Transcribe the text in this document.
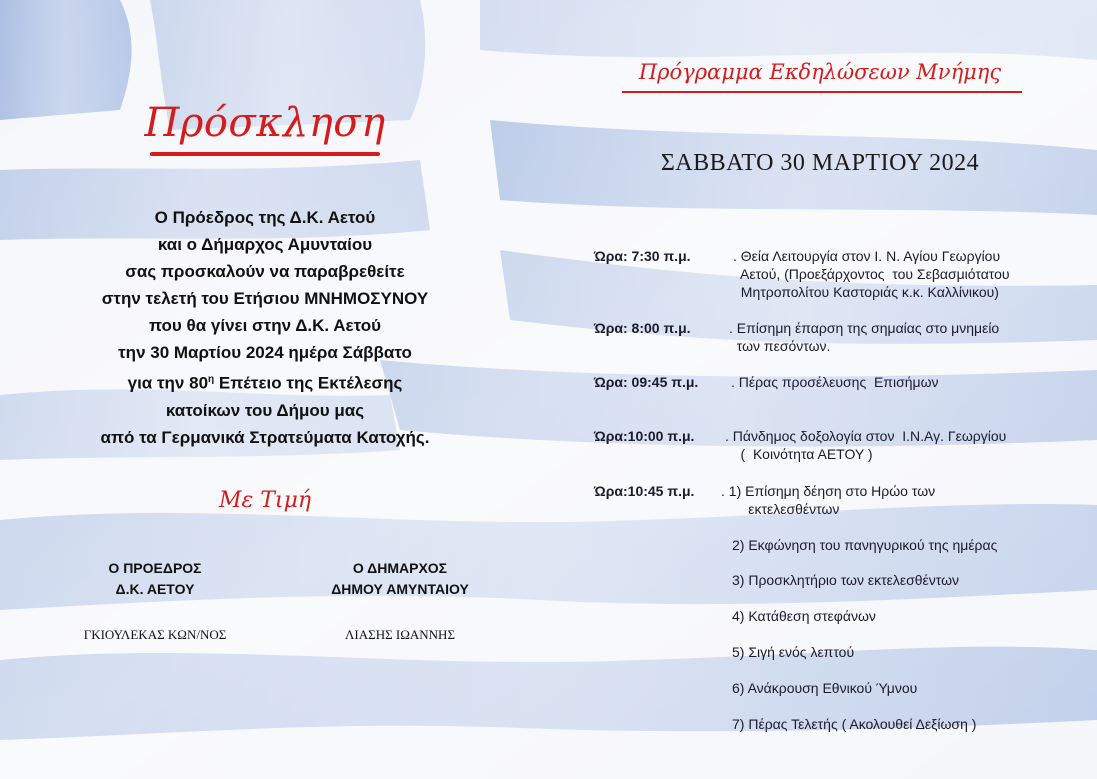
Πρόσκληση
Ο Πρόεδρος της Δ.Κ. Αετού
και ο Δήμαρχος Αμυνταίου
σας προσκαλούν να παραβρεθείτε
στην τελετή του Ετήσιου ΜΝΗΜΟΣΥΝΟΥ
που θα γίνει στην Δ.Κ. Αετού
την 30 Μαρτίου 2024 ημέρα Σάββατο
για την $80^\eta$ Επέτειο της Εκτέλεσης
κατοίκων του Δήμου μας
από τα Γερμανικά Στρατεύματα Κατοχής.
Με Τιμή
Ο ΠΡΟΕΔΡΟΣ
Δ.Κ. ΑΕΤΟΥ
Ο ΔΗΜΑΡΧΟΣ
ΔΗΜΟΥ ΑΜΥΝΤΑΙΟΥ
ΓΚΙΟΥΛΕΚΑΣ ΚΩΝ/ΝΟΣ	ΛΙΑΣΗΣ ΙΩΑΝΝΗΣ
Πρόγραμμα Εκδηλώσεων Μνήμης
ΣΑΒΒΑΤΟ 30 ΜΑΡΤΙΟΥ 2024
Ώρα: 7:30 π.μ.	. Θεία Λειτουργία στον Ι. Ν. Αγίου Γεωργίου
Αετού, (Προεξάρχοντος  του Σεβασμιότατου
Μητροπολίτου Καστοριάς κ.κ. Καλλίνικου)
Ώρα: 8:00 π.μ.	. Επίσημη έπαρση της σημαίας στο μνημείο
των πεσόντων.
Ώρα: 09:45 π.μ. . Πέρας προσέλευσης  Επισήμων
Ώρα:10:00 π.μ. . Πάνδημος δοξολογία στον  Ι.Ν.Αγ. Γεωργίου
(  Κοινότητα ΑΕΤΟΥ )
Ώρα:10:45 π.μ. . 1) Επίσημη δέηση στο Ηρώο των
εκτελεσθέντων
2) Εκφώνηση του πανηγυρικού της ημέρας
3) Προσκλητήριο των εκτελεσθέντων
4) Κατάθεση στεφάνων
5) Σιγή ενός λεπτού
6) Ανάκρουση Εθνικού Ύμνου
7) Πέρας Τελετής ( Ακολουθεί Δεξίωση )
